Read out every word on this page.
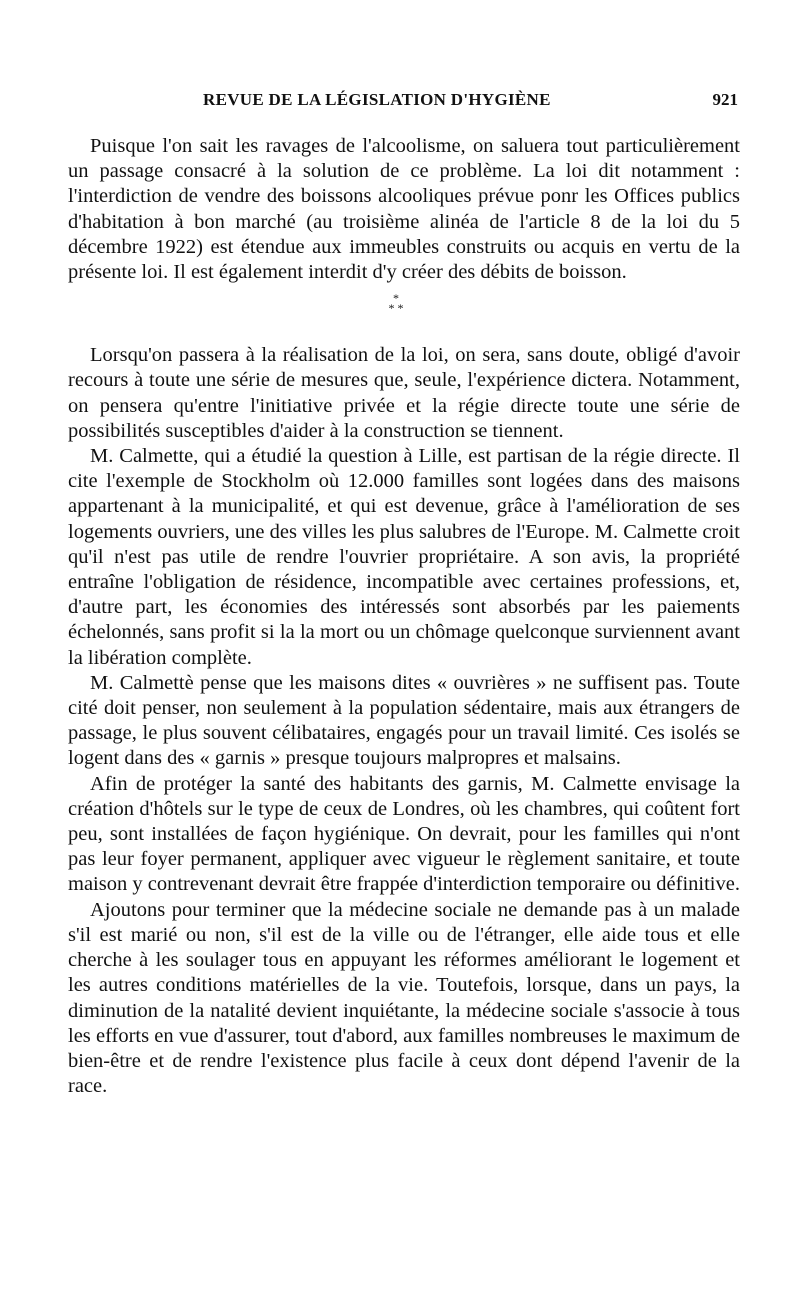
REVUE DE LA LÉGISLATION D'HYGIÈNE	921

Puisque l'on sait les ravages de l'alcoolisme, on saluera tout particulièrement un passage consacré à la solution de ce problème. La loi dit notamment : l'interdiction de vendre des boissons alcooliques prévue ponr les Offices publics d'habitation à bon marché (au troisième alinéa de l'article 8 de la loi du 5 décembre 1922) est étendue aux immeubles construits ou acquis en vertu de la présente loi. Il est également interdit d'y créer des débits de boisson.

*
* *

Lorsqu'on passera à la réalisation de la loi, on sera, sans doute, obligé d'avoir recours à toute une série de mesures que, seule, l'expérience dictera. Notamment, on pensera qu'entre l'initiative privée et la régie directe toute une série de possibilités susceptibles d'aider à la construction se tiennent.

M. Calmette, qui a étudié la question à Lille, est partisan de la régie directe. Il cite l'exemple de Stockholm où 12.000 familles sont logées dans des maisons appartenant à la municipalité, et qui est devenue, grâce à l'amélioration de ses logements ouvriers, une des villes les plus salubres de l'Europe. M. Calmette croit qu'il n'est pas utile de rendre l'ouvrier propriétaire. A son avis, la propriété entraîne l'obligation de résidence, incompatible avec certaines professions, et, d'autre part, les économies des intéressés sont absorbés par les paiements échelonnés, sans profit si la la mort ou un chômage quelconque surviennent avant la libération complète.

M. Calmettè pense que les maisons dites « ouvrières » ne suffisent pas. Toute cité doit penser, non seulement à la population sédentaire, mais aux étrangers de passage, le plus souvent célibataires, engagés pour un travail limité. Ces isolés se logent dans des « garnis » presque toujours malpropres et malsains.

Afin de protéger la santé des habitants des garnis, M. Calmette envisage la création d'hôtels sur le type de ceux de Londres, où les chambres, qui coûtent fort peu, sont installées de façon hygiénique. On devrait, pour les familles qui n'ont pas leur foyer permanent, appliquer avec vigueur le règlement sanitaire, et toute maison y contrevenant devrait être frappée d'interdiction temporaire ou définitive.

Ajoutons pour terminer que la médecine sociale ne demande pas à un malade s'il est marié ou non, s'il est de la ville ou de l'étranger, elle aide tous et elle cherche à les soulager tous en appuyant les réformes améliorant le logement et les autres conditions matérielles de la vie. Toutefois, lorsque, dans un pays, la diminution de la natalité devient inquiétante, la médecine sociale s'associe à tous les efforts en vue d'assurer, tout d'abord, aux familles nombreuses le maximum de bien-être et de rendre l'existence plus facile à ceux dont dépend l'avenir de la race.
